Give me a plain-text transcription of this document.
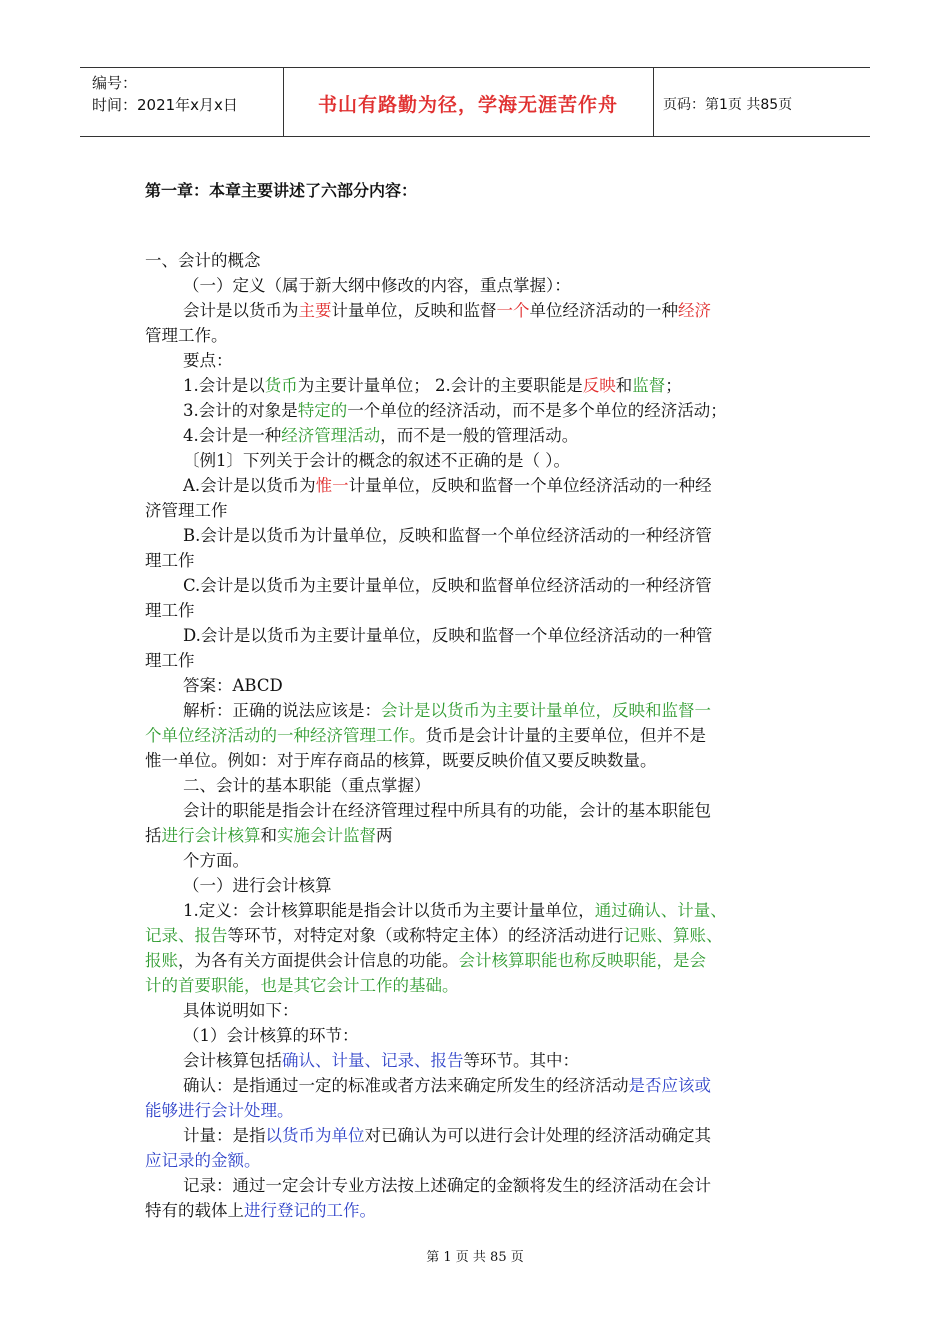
编号：
时间：2021年x月x日	书山有路勤为径，学海无涯苦作舟	页码：第1页 共85页

第一章：本章主要讲述了六部分内容：

一、会计的概念

（一）定义（属于新大纲中修改的内容，重点掌握）：

会计是以货币为主要计量单位，反映和监督一个单位经济活动的一种经济

管理工作。

要点：

1.会计是以货币为主要计量单位； 2.会计的主要职能是反映和监督；

3.会计的对象是特定的一个单位的经济活动，而不是多个单位的经济活动；

4.会计是一种经济管理活动，而不是一般的管理活动。

〔例1〕下列关于会计的概念的叙述不正确的是（ ）。

A.会计是以货币为惟一计量单位，反映和监督一个单位经济活动的一种经

济管理工作

B.会计是以货币为计量单位，反映和监督一个单位经济活动的一种经济管

理工作

C.会计是以货币为主要计量单位，反映和监督单位经济活动的一种经济管

理工作

D.会计是以货币为主要计量单位，反映和监督一个单位经济活动的一种管

理工作

答案：ABCD

解析：正确的说法应该是：会计是以货币为主要计量单位，反映和监督一

个单位经济活动的一种经济管理工作。货币是会计计量的主要单位，但并不是

惟一单位。例如：对于库存商品的核算，既要反映价值又要反映数量。

二、会计的基本职能（重点掌握）

会计的职能是指会计在经济管理过程中所具有的功能，会计的基本职能包

括进行会计核算和实施会计监督两

个方面。

（一）进行会计核算

1.定义：会计核算职能是指会计以货币为主要计量单位，通过确认、计量、

记录、报告等环节，对特定对象（或称特定主体）的经济活动进行记账、算账、

报账，为各有关方面提供会计信息的功能。会计核算职能也称反映职能，是会

计的首要职能，也是其它会计工作的基础。

具体说明如下：

（1）会计核算的环节：

会计核算包括确认、计量、记录、报告等环节。其中：

确认：是指通过一定的标准或者方法来确定所发生的经济活动是否应该或

能够进行会计处理。

计量：是指以货币为单位对已确认为可以进行会计处理的经济活动确定其

应记录的金额。

记录：通过一定会计专业方法按上述确定的金额将发生的经济活动在会计

特有的载体上进行登记的工作。

第 1 页 共 85 页
